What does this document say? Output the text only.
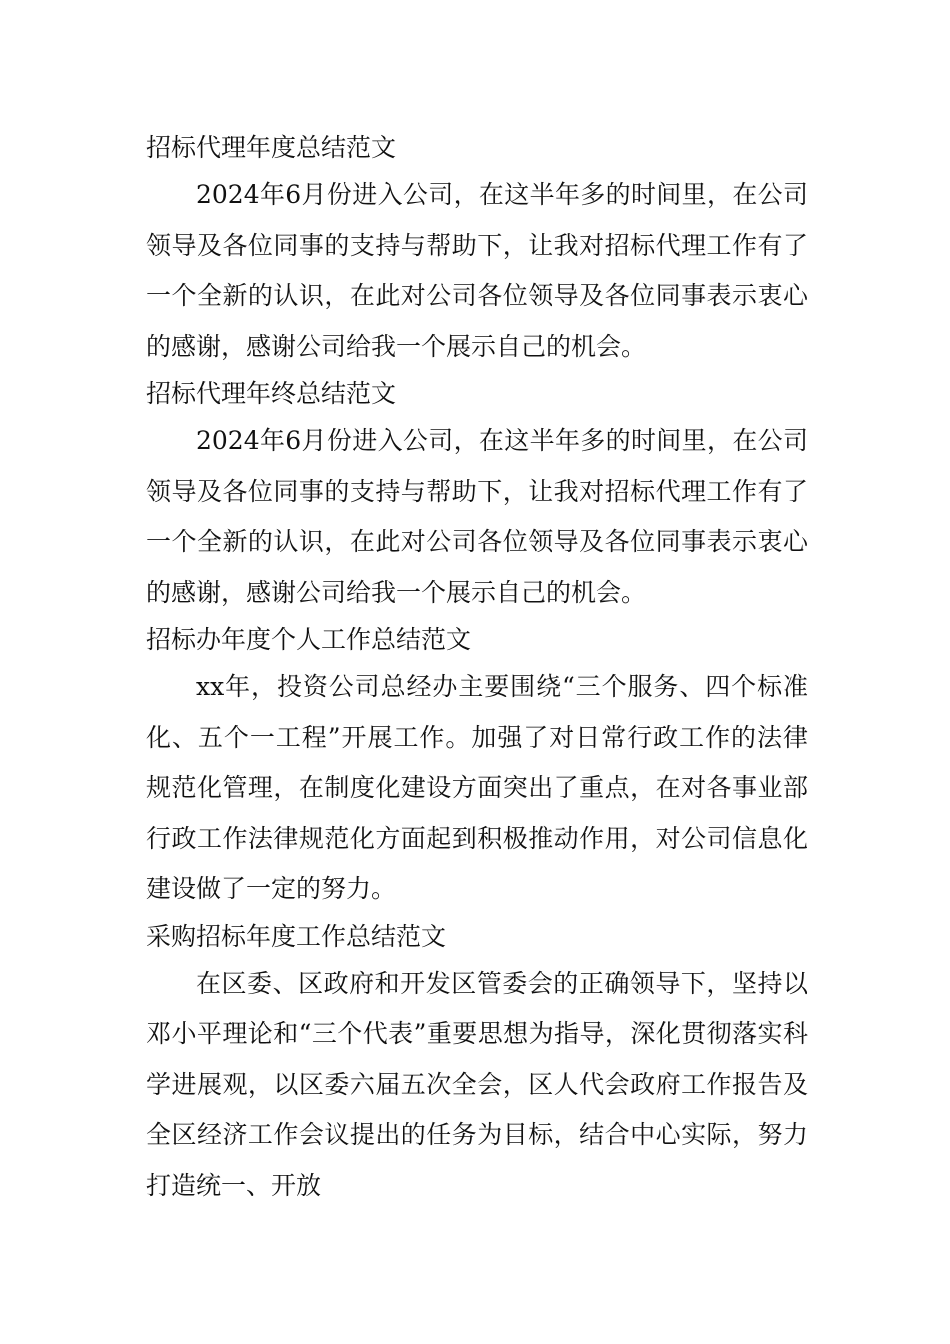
招标代理年度总结范文

2024年6月份进入公司，在这半年多的时间里，在公司领导及各位同事的支持与帮助下，让我对招标代理工作有了一个全新的认识，在此对公司各位领导及各位同事表示衷心的感谢，感谢公司给我一个展示自己的机会。

招标代理年终总结范文

2024年6月份进入公司，在这半年多的时间里，在公司领导及各位同事的支持与帮助下，让我对招标代理工作有了一个全新的认识，在此对公司各位领导及各位同事表示衷心的感谢，感谢公司给我一个展示自己的机会。

招标办年度个人工作总结范文

xx年，投资公司总经办主要围绕“三个服务、四个标准化、五个一工程”开展工作。加强了对日常行政工作的法律规范化管理，在制度化建设方面突出了重点，在对各事业部行政工作法律规范化方面起到积极推动作用，对公司信息化建设做了一定的努力。

采购招标年度工作总结范文

在区委、区政府和开发区管委会的正确领导下，坚持以邓小平理论和“三个代表”重要思想为指导，深化贯彻落实科学进展观，以区委六届五次全会，区人代会政府工作报告及全区经济工作会议提出的任务为目标，结合中心实际，努力打造统一、开放
